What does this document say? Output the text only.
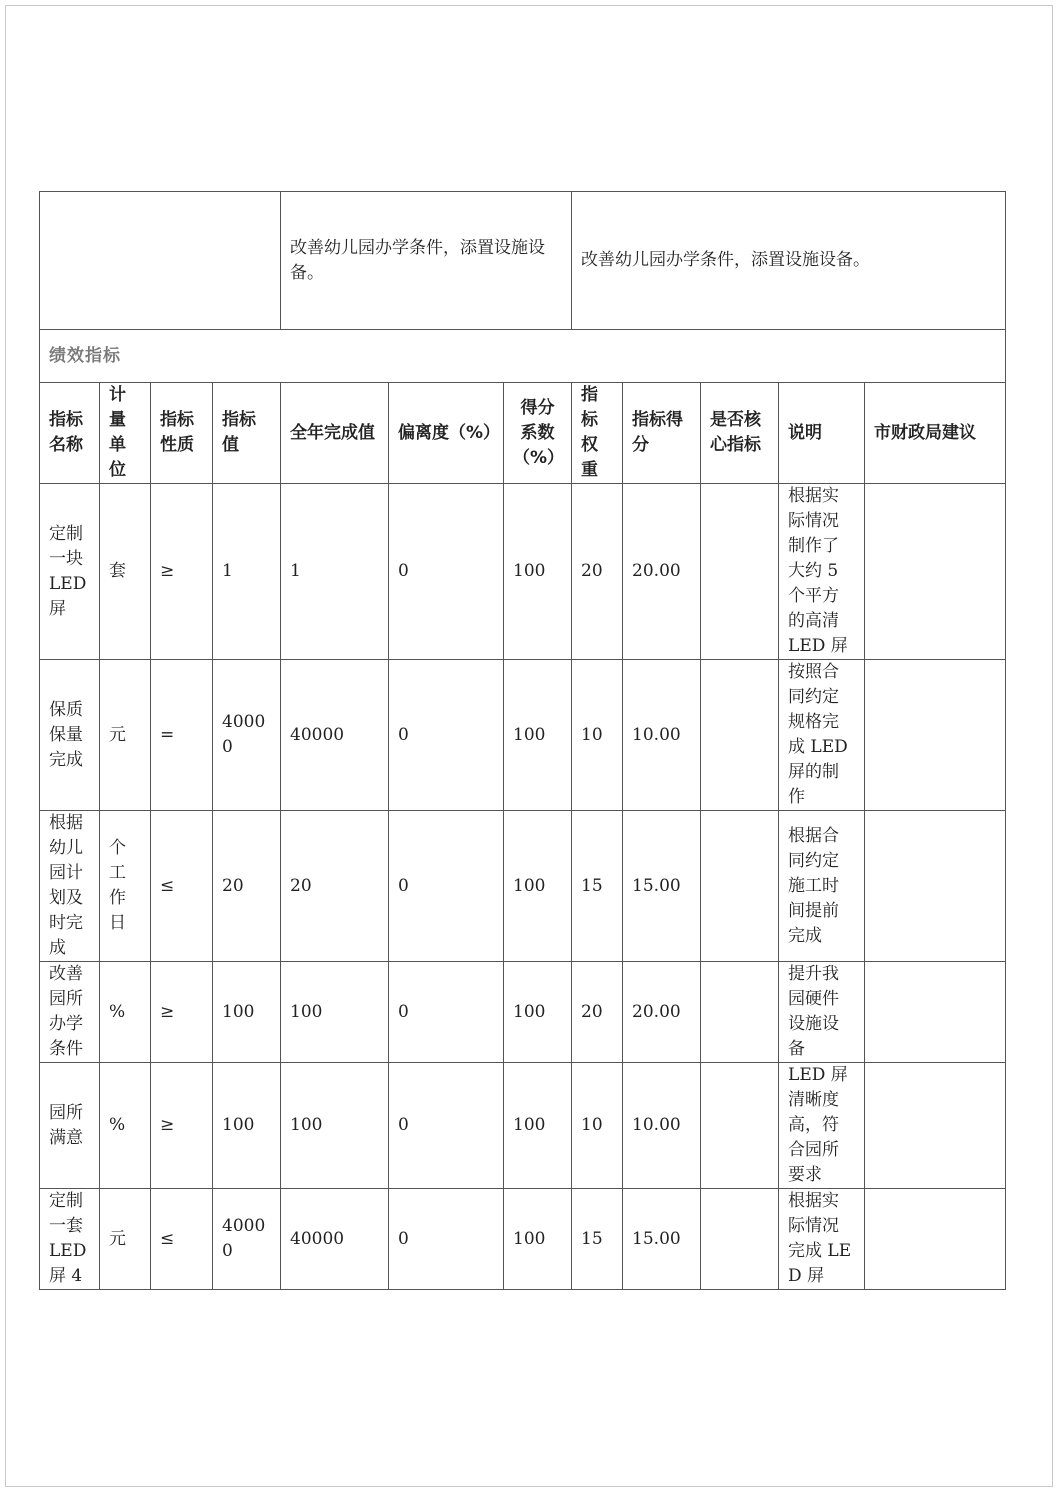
				改善幼儿园办学条件，添置设施设备。			改善幼儿园办学条件，添置设施设备。				
绩效指标											
指标名称	计量单位	指标性质	指标值	全年完成值	偏离度（%）	得分系数（%）	指标权重	指标得分	是否核心指标	说明	市财政局建议
定制一块LED屏	套	≥	1	1	0	100	20	20.00		根据实际情况制作了大约 5 个平方的高清 LED 屏	
保质保量完成	元	=	40000	40000	0	100	10	10.00		按照合同约定规格完成 LED 屏的制作	
根据幼儿园计划及时完成	个工作日	≤	20	20	0	100	15	15.00		根据合同约定施工时间提前完成	
改善园所办学条件	%	≥	100	100	0	100	20	20.00		提升我园硬件设施设备	
园所满意	%	≥	100	100	0	100	10	10.00		LED 屏清晰度高，符合园所要求	
定制一套LED屏 4	元	≤	40000	40000	0	100	15	15.00		根据实际情况完成 LED 屏	
